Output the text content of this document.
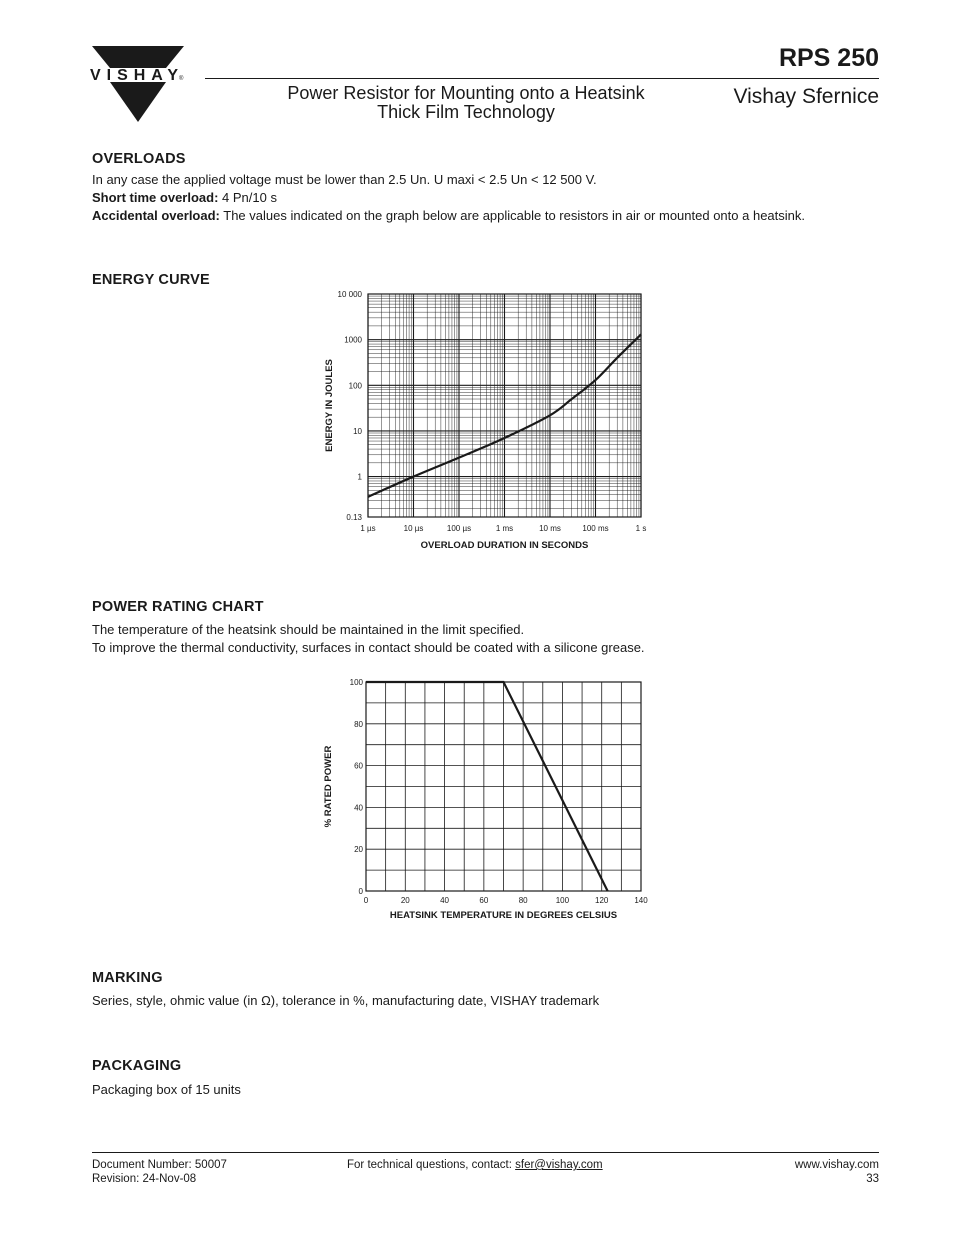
VISHAY ®
RPS 250
Power Resistor for Mounting onto a Heatsink
Thick Film Technology
Vishay Sfernice
OVERLOADS
In any case the applied voltage must be lower than 2.5 Un. U maxi < 2.5 Un < 12 500 V.
Short time overload: 4 Pn/10 s
Accidental overload: The values indicated on the graph below are applicable to resistors in air or mounted onto a heatsink.
ENERGY CURVE
1 µs	10 µs	100 µs	1 ms	10 ms	100 ms	1 s
0.13
1
10
100
1000
10 000
OVERLOAD DURATION IN SECONDS
ENERGY IN JOULES
POWER RATING CHART
The temperature of the heatsink should be maintained in the limit specified.
To improve the thermal conductivity, surfaces in contact should be coated with a silicone grease.
0	20	40	60	80	100	120	140
0
20
40
60
80
100
HEATSINK TEMPERATURE IN DEGREES CELSIUS
% RATED POWER
MARKING
Series, style, ohmic value (in Ω), tolerance in %, manufacturing date, VISHAY trademark
PACKAGING
Packaging box of 15 units
Document Number: 50007
Revision: 24-Nov-08
For technical questions, contact: sfer@vishay.com	www.vishay.com
33
